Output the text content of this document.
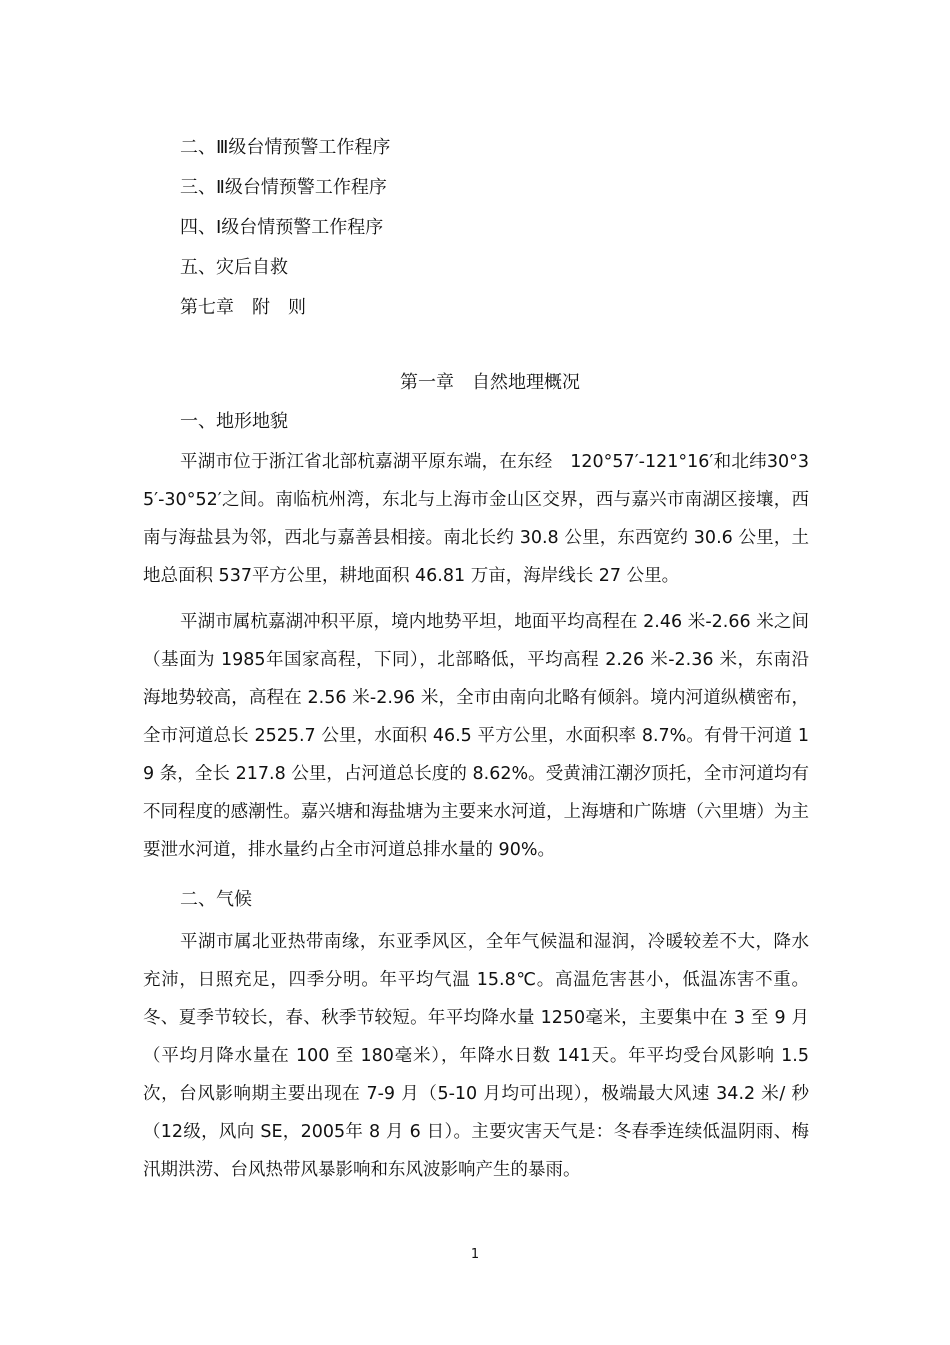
二、Ⅲ级台情预警工作程序
三、Ⅱ级台情预警工作程序
四、Ⅰ级台情预警工作程序
五、灾后自救
第七章　附　则
第一章　自然地理概况
一、地形地貌

平湖市位于浙江省北部杭嘉湖平原东端，在东经　120°57′-121°16′和北纬30°35′-30°52′之间。南临杭州湾，东北与上海市金山区交界，西与嘉兴市南湖区接壤，西南与海盐县为邻，西北与嘉善县相接。南北长约 30.8 公里，东西宽约 30.6 公里，土地总面积 537平方公里，耕地面积 46.81 万亩，海岸线长 27 公里。

平湖市属杭嘉湖冲积平原，境内地势平坦，地面平均高程在 2.46 米-2.66 米之间（基面为 1985年国家高程，下同），北部略低，平均高程 2.26 米-2.36 米，东南沿海地势较高，高程在 2.56 米-2.96 米，全市由南向北略有倾斜。境内河道纵横密布，全市河道总长 2525.7 公里，水面积 46.5 平方公里，水面积率 8.7%。有骨干河道 19 条，全长 217.8 公里，占河道总长度的 8.62%。受黄浦江潮汐顶托，全市河道均有不同程度的感潮性。嘉兴塘和海盐塘为主要来水河道，上海塘和广陈塘（六里塘）为主要泄水河道，排水量约占全市河道总排水量的 90%。

二、气候

平湖市属北亚热带南缘，东亚季风区，全年气候温和湿润，冷暖较差不大，降水充沛，日照充足，四季分明。年平均气温 15.8℃。高温危害甚小，低温冻害不重。冬、夏季节较长，春、秋季节较短。年平均降水量 1250毫米，主要集中在 3 至 9 月（平均月降水量在 100 至 180毫米），年降水日数 141天。年平均受台风影响 1.5 次，台风影响期主要出现在 7-9 月（5-10 月均可出现），极端最大风速 34.2 米/ 秒（12级，风向 SE，2005年 8 月 6 日）。主要灾害天气是：冬春季连续低温阴雨、梅汛期洪涝、台风热带风暴影响和东风波影响产生的暴雨。

1
